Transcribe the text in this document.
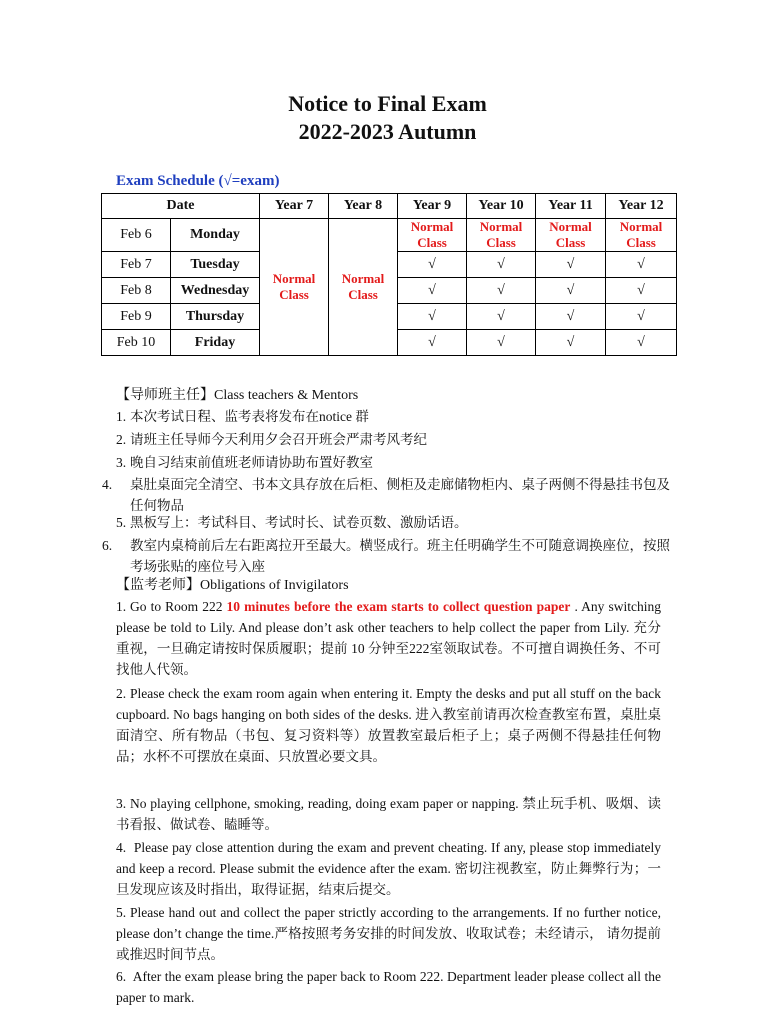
Notice to Final Exam
2022-2023 Autumn
Exam Schedule (√=exam)
Date		Year 7	Year 8	Year 9	Year 10	Year 11	Year 12
Feb 6	Monday	Normal Class	Normal Class	Normal Class	Normal Class	Normal Class	Normal Class
Feb 7	Tuesday			√	√	√	√
Feb 8	Wednesday			√	√	√	√
Feb 9	Thursday			√	√	√	√
Feb 10	Friday			√	√	√	√
【导师班主任】Class teachers & Mentors
1. 本次考试日程、监考表将发布在notice 群
2. 请班主任导师今天利用夕会召开班会严肃考风考纪
3. 晚自习结束前值班老师请协助布置好教室
4. 桌肚桌面完全清空、书本文具存放在后柜、侧柜及走廊储物柜内、桌子两侧不得悬挂书包及任何物品
5. 黑板写上：考试科目、考试时长、试卷页数、激励话语。
6. 教室内桌椅前后左右距离拉开至最大。横竖成行。班主任明确学生不可随意调换座位，按照考场张贴的座位号入座
【监考老师】Obligations of Invigilators
1. Go to Room 222 10 minutes before the exam starts to collect question paper . Any switching please be told to Lily. And please don’t ask other teachers to help collect the paper from Lily. 充分重视，一旦确定请按时保质履职；提前 10 分钟至222室领取试卷。不可擅自调换任务、不可找他人代领。
2. Please check the exam room again when entering it. Empty the desks and put all stuff on the back cupboard. No bags hanging on both sides of the desks. 进入教室前请再次检查教室布置，桌肚桌面清空、所有物品（书包、复习资料等）放置教室最后柜子上；桌子两侧不得悬挂任何物品；水杯不可摆放在桌面、只放置必要文具。
3. No playing cellphone, smoking, reading, doing exam paper or napping. 禁止玩手机、吸烟、读书看报、做试卷、瞌睡等。
4. Please pay close attention during the exam and prevent cheating. If any, please stop immediately and keep a record. Please submit the evidence after the exam. 密切注视教室，防止舞弊行为；一旦发现应该及时指出，取得证据，结束后提交。
5. Please hand out and collect the paper strictly according to the arrangements. If no further notice, please don’t change the time.严格按照考务安排的时间发放、收取试卷；未经请示， 请勿提前或推迟时间节点。
6. After the exam please bring the paper back to Room 222. Department leader please collect all the paper to mark.
